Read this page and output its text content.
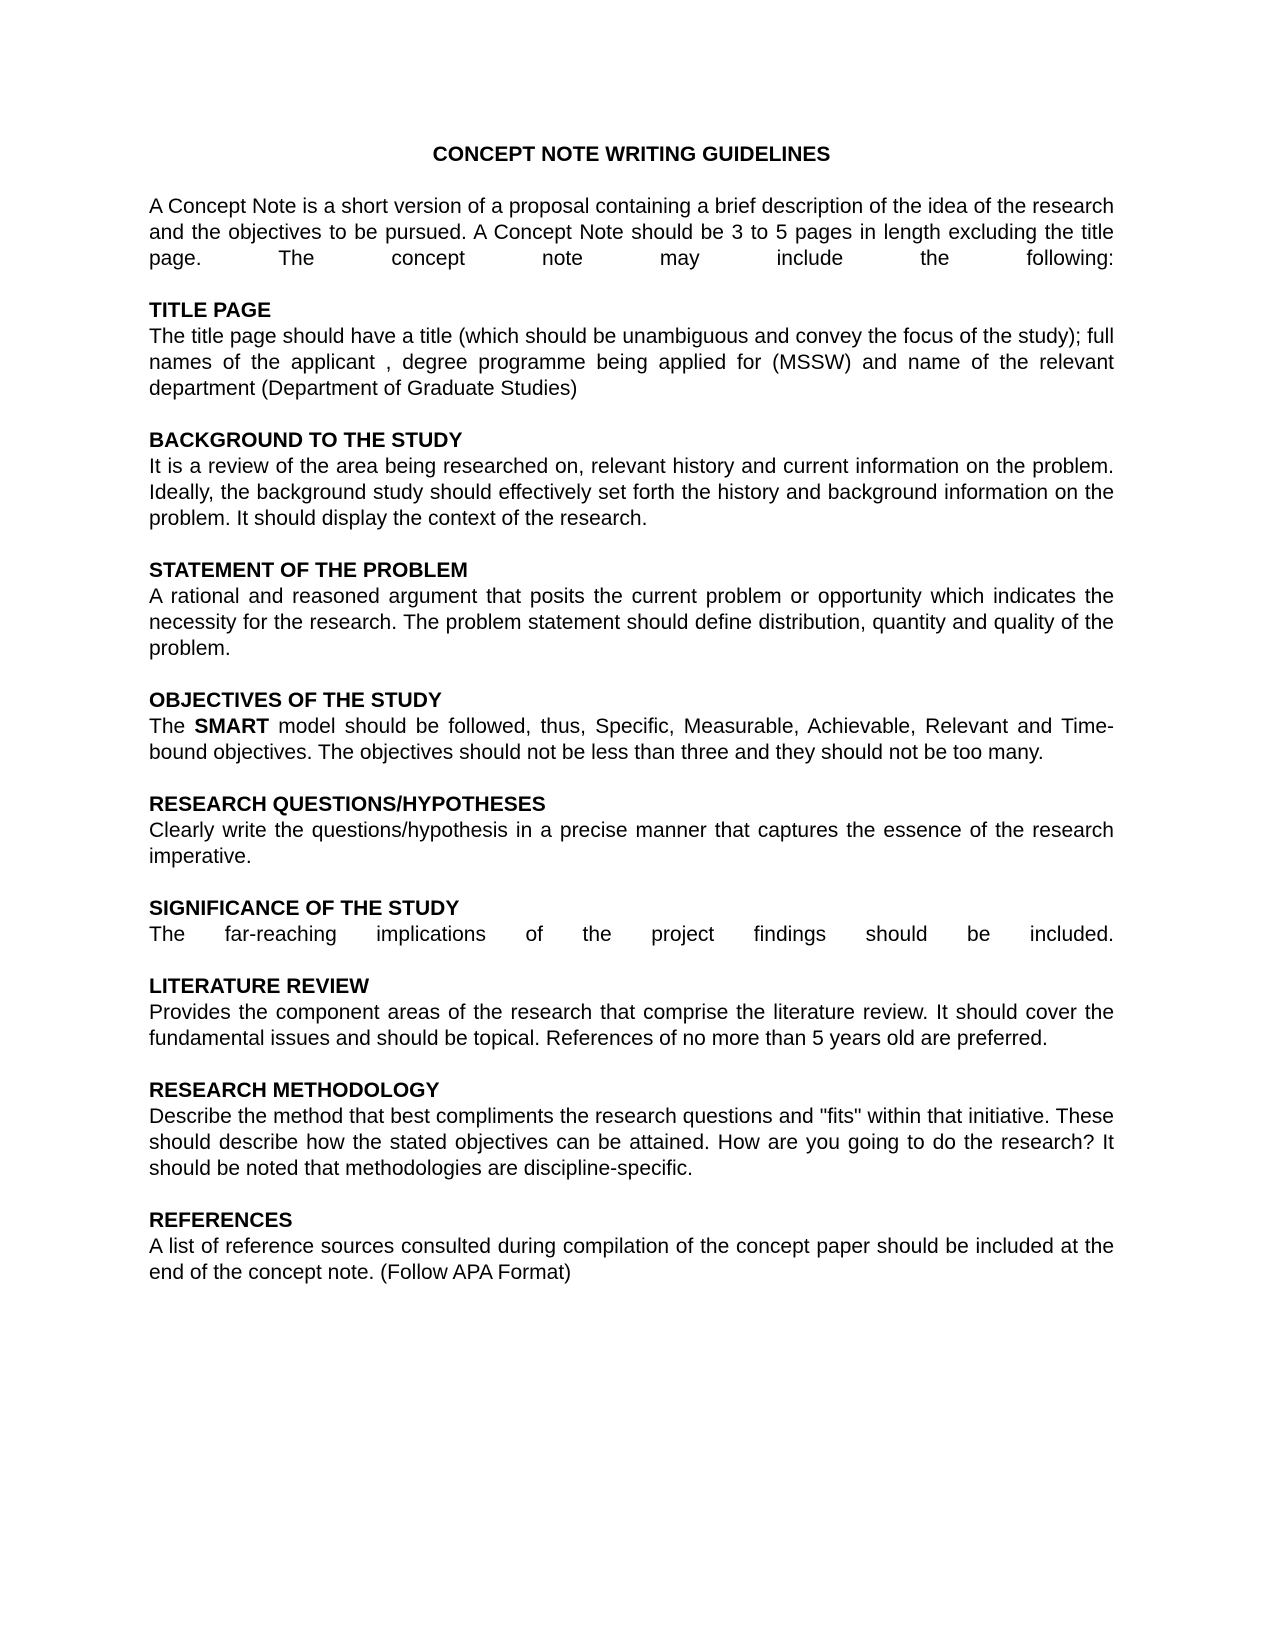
CONCEPT NOTE WRITING GUIDELINES

A Concept Note is a short version of a proposal containing a brief description of the idea of the research and the objectives to be pursued. A Concept Note should be 3 to 5 pages in length excluding the title page. The concept note may include the following:

TITLE PAGE

The title page should have a title (which should be unambiguous and convey the focus of the study); full names of the applicant , degree programme being applied for (MSSW) and name of the relevant department (Department of Graduate Studies)

BACKGROUND TO THE STUDY

It is a review of the area being researched on, relevant history and current information on the problem. Ideally, the background study should effectively set forth the history and background information on the problem. It should display the context of the research.

STATEMENT OF THE PROBLEM

A rational and reasoned argument that posits the current problem or opportunity which indicates the necessity for the research. The problem statement should define distribution, quantity and quality of the problem.

OBJECTIVES OF THE STUDY

The SMART model should be followed, thus, Specific, Measurable, Achievable, Relevant and Time-bound objectives. The objectives should not be less than three and they should not be too many.

RESEARCH QUESTIONS/HYPOTHESES

Clearly write the questions/hypothesis in a precise manner that captures the essence of the research imperative.

SIGNIFICANCE OF THE STUDY

The far-reaching implications of the project findings should be included.

LITERATURE REVIEW

Provides the component areas of the research that comprise the literature review. It should cover the fundamental issues and should be topical. References of no more than 5 years old are preferred.

RESEARCH METHODOLOGY

Describe the method that best compliments the research questions and "fits" within that initiative. These should describe how the stated objectives can be attained. How are you going to do the research? It should be noted that methodologies are discipline-specific.

REFERENCES

A list of reference sources consulted during compilation of the concept paper should be included at the end of the concept note. (Follow APA Format)
